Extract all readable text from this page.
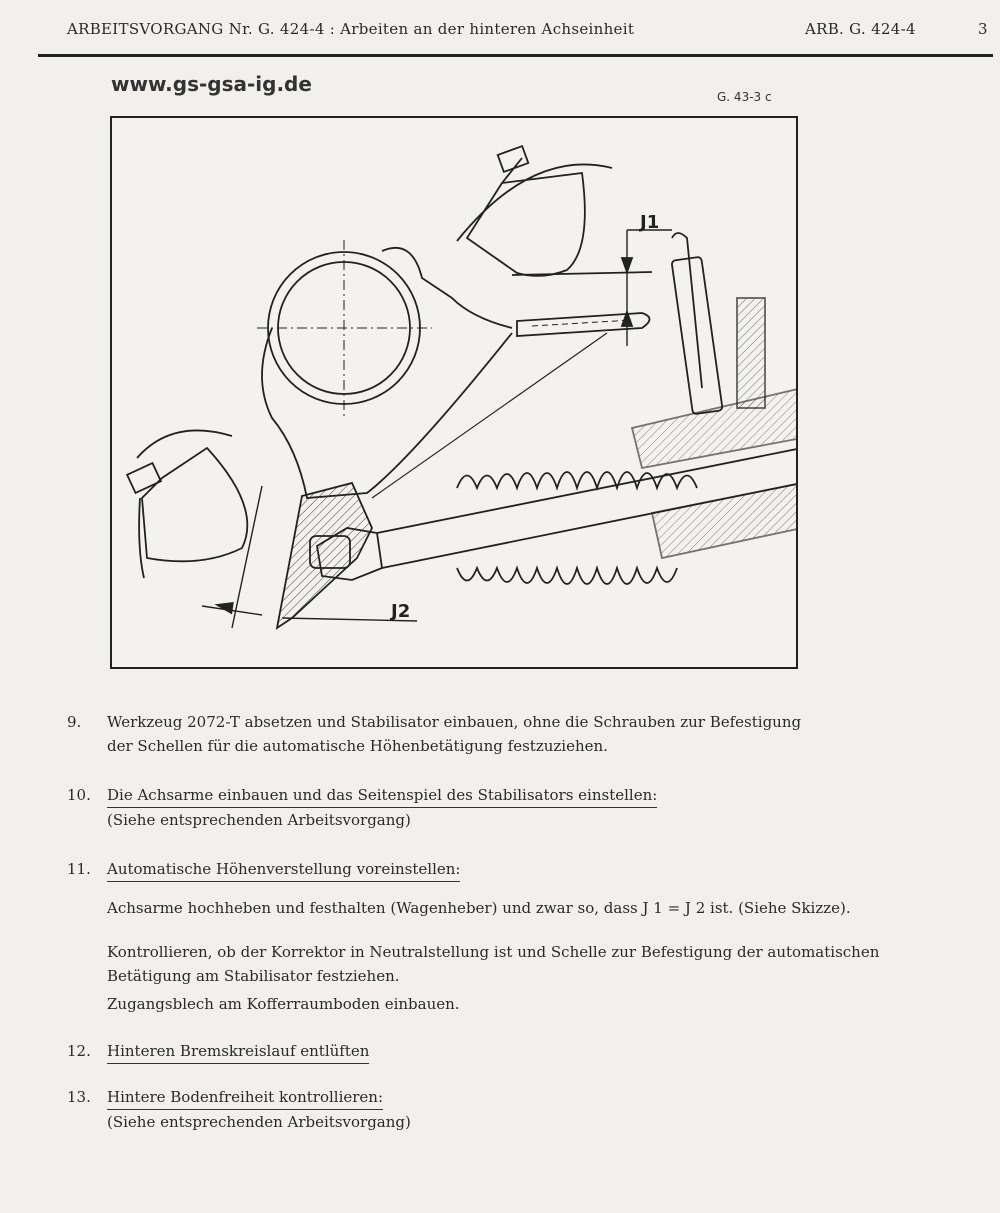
ARBEITSVORGANG Nr. G. 424-4 : Arbeiten an der hinteren Achseinheit	ARB. G. 424-4	3
www.gs-gsa-ig.de
G. 43-3 c
J1
J2
9.	Werkzeug 2072-T absetzen und Stabilisator einbauen, ohne die Schrauben zur Befestigung
der Schellen für die automatische Höhenbetätigung festzuziehen.
10.	Die Achsarme einbauen und das Seitenspiel des Stabilisators einstellen:
(Siehe entsprechenden Arbeitsvorgang)
11.	Automatische Höhenverstellung voreinstellen:
Achsarme hochheben und festhalten (Wagenheber) und zwar so, dass J 1 = J 2 ist. (Siehe Skizze).
Kontrollieren, ob der Korrektor in Neutralstellung ist und Schelle zur Befestigung der automatischen
Betätigung am Stabilisator festziehen.
Zugangsblech am Kofferraumboden einbauen.
12.	Hinteren Bremskreislauf entlüften
13.	Hintere Bodenfreiheit kontrollieren:
(Siehe entsprechenden Arbeitsvorgang)
